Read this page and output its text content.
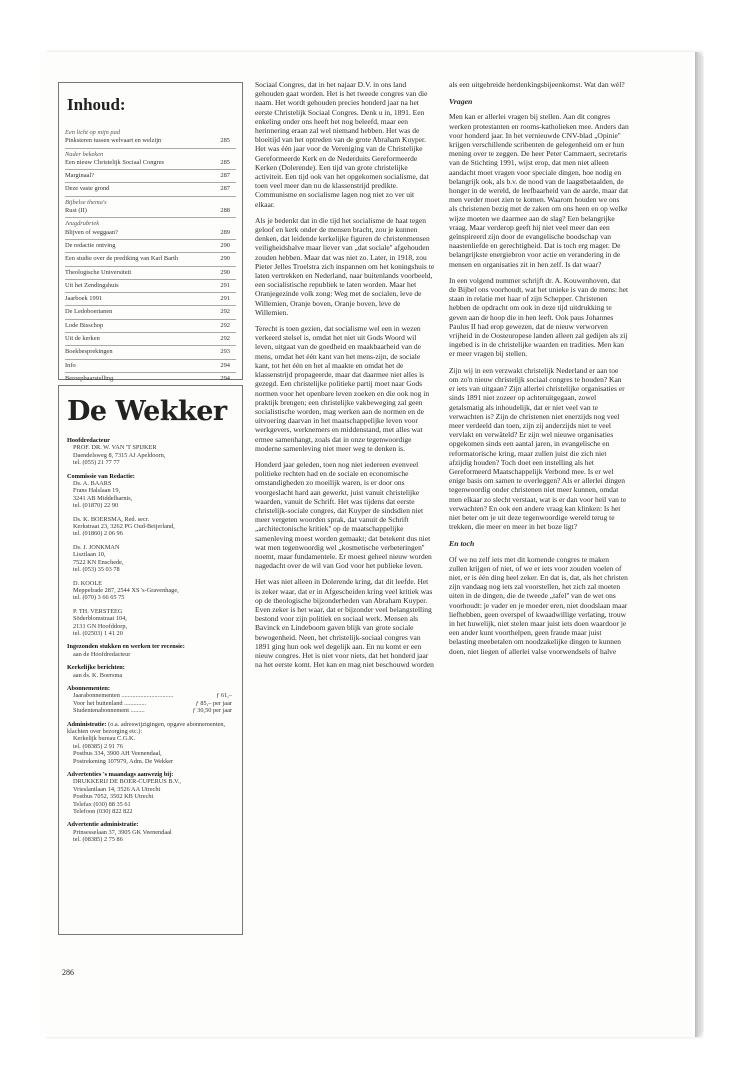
Inhoud:
Een licht op mijn pad
Pinksteren tussen welvaart en welzijn	285
Nader bekeken
Een nieuw Christelijk Sociaal Congres	285
Marginaal?	287
Deze vaste grond	287
Bijbelse thema's
Rust (II)	288
Jeugdrubriek
Blijven of weggaan?	289
De redactie ontving	290
Een studie over de prediking van Karl Barth	290
Theologische Universiteit	290
Uit het Zendingshuis	291
Jaarboek 1991	291
De Ledoboerianen	292
Lode Bisschop	292
Uit de kerken	292
Boekbesprekingen	293
Info	294
Beroepbaarstelling	294
De Wekker
Hoofdredacteur
PROF. DR. W. VAN 'T SPIJKER
Daendelsweg 8, 7315 AJ Apeldoorn,
tel. (055) 21 77 77
Commissie van Redactie:
Ds. A. BAARS
Frans Halslaan 19,
3241 AB Middelharnis,
tel. (01870) 22 90
Ds. K. BOERSMA, Red. secr.
Kerkstraat 23, 3262 PG Oud-Beijerland,
tel. (01860) 2 06 96
Ds. J. JONKMAN
Lisztlaan 10,
7522 KN Enschede,
tel. (053) 35 03 78
D. KOOLE
Meppelrade 287, 2544 XS 's-Gravenhage,
tel. (070) 3 66 65 75
P. TH. VERSTEEG
Söderblomstraat 104,
2131 GN Hoofddorp,
tel. (02503) 1 41 20
Ingezonden stukken en werken ter recensie:
aan de Hoofdredacteur
Kerkelijke berichten:
aan ds. K. Boersma
Abonnementen:
Jaarabonnementen .................................	ƒ 61,–
Voor het buitenland ..............	ƒ 85,– per jaar
Studentenabonnement .........	ƒ 30,50 per jaar
Administratie: (o.a. adreswijzigingen, opgave abonnementen, klachten over bezorging etc.):
Kerkelijk bureau C.G.K.
tel. (08385) 2 91 76
Postbus 334, 3900 AH Veenendaal,
Postrekening 107979, Adm. De Wekker
Advertenties 's maandags aanwezig bij:
DRUKKERIJ DE BOER-CUPERUS B.V.,
Vrieslantlaan 14, 3526 AA Utrecht
Postbus 7052, 3502 KB Utrecht
Telefax (030) 88 35 61
Telefoon (030) 822 822
Advertentie administratie:
Prinsesselaan 37, 3905 GK Veenendaal
tel. (08385) 2 75 86
286

Sociaal Congres, dat in het najaar D.V. in ons land gehouden gaat worden. Het is het tweede congres van die naam. Het wordt gehouden precies honderd jaar na het eerste Christelijk Sociaal Congres. Denk u in, 1891. Een enkeling onder ons heeft het nog beleefd, maar een herinnering eraan zal wel niemand hebben. Het was de bloeitijd van het optreden van de grote Abraham Kuyper. Het was één jaar voor de Vereniging van de Christelijke Gereformeerde Kerk en de Nederduits Gereformeerde Kerken (Dolerende). Een tijd van grote christelijke activiteit. Een tijd ook van het opgekomen socialisme, dat toen veel meer dan nu de klassenstrijd predikte. Communisme en socialisme lagen nog niet zo ver uit elkaar.

Als je bedenkt dat in die tijd het socialisme de haat tegen geloof en kerk onder de mensen bracht, zou je kunnen denken, dat leidende kerkelijke figuren de christenmensen veiligheidshalve maar liever van „dat sociale'' afgehouden zouden hebben. Maar dat was niet zo. Later, in 1918, zou Pieter Jelles Troelstra zich inspannen om het koningshuis te laten vertrekken en Nederland, naar buitenlands voorbeeld, een socialistische republiek te laten worden. Maar het Oranjegezinde volk zong: Weg met de socialen, leve de Willemien, Oranje boven, Oranje boven, leve de Willemien.

Terecht is toen gezien, dat socialisme wel een in wezen verkeerd stelsel is, omdat het niet uit Gods Woord wil leven, uitgaat van de goedheid en maakbaarheid van de mens, omdat het één kant van het mens-zijn, de sociale kant, tot het één en het al maakte en omdat het de klassenstrijd propageerde, maar dat daarmee niet alles is gezegd. Een christelijke politieke partij moet naar Gods normen voor het openbare leven zoeken en die ook nog in praktijk brengen; een christelijke vakbeweging zal geen socialistische worden, mag werken aan de normen en de uitvoering daarvan in het maatschappelijke leven voor werkgevers, werknemers en middenstand, met alles wat ermee samenhangt, zoals dat in onze tegenwoordige moderne samenleving niet meer weg te denken is.

Honderd jaar geleden, toen nog niet iedereen evenveel politieke rechten had en de sociale en economische omstandigheden zo moeilijk waren, is er door ons voorgeslacht hard aan gewerkt, juist vanuit christelijke waarden, vanuit de Schrift. Het was tijdens dat eerste christelijk-sociale congres, dat Kuyper de sindsdien niet meer vergeten woorden sprak, dat vanuit de Schrift „architectonische kritiek'' op de maatschappelijke samenleving moest worden gemaakt; dat betekent dus niet wat men tegenwoordig wel „kosmetische verbeteringen'' noemt, maar fundamentele. Er moest geheel nieuw worden nagedacht over de wil van God voor het publieke leven.

Het was niet alleen in Dolerende kring, dat dit leefde. Het is zeker waar, dat er in Afgescheiden kring veel kritiek was op de theologische bijzonderheden van Abraham Kuyper. Even zeker is het waar, dat er bijzonder veel belangstelling bestond voor zijn politiek en sociaal werk. Mensen als Bavinck en Lindeboom gaven blijk van grote sociale bewogenheid. Neen, het christelijk-sociaal congres van 1891 ging hun ook wel degelijk aan. En nu komt er een nieuw congres. Het is niet voor niets, dat het honderd jaar na het eerste komt. Het kan en mag niet beschouwd worden

als een uitgebreide herdenkingsbijeenkomst. Wat dan wèl?

Vragen

Men kan er allerlei vragen bij stellen. Aan dit congres werken protestanten en rooms-katholieken mee. Anders dan voor honderd jaar. In het vernieuwde CNV-blad „Opinie'' krijgen verschillende scribenten de gelegenheid om er hun mening over te zeggen. De heer Peter Cammaert, secretaris van de Stichting 1991, wijst erop, dat men niet alleen aandacht moet vragen voor speciale dingen, hoe nodig en belangrijk ook, als b.v. de nood van de laagstbetaalden, de honger in de wereld, de leefbaarheid van de aarde, maar dat men verder moet zien te komen. Waarom houden we ons als christenen bezig met de zaken om ons heen en op welke wijze moeten we daarmee aan de slag? Een belangrijke vraag. Maar verderop geeft hij niet veel meer dan een geïnspireerd zijn door de evangelische boodschap van naastenliefde en gerechtigheid. Dat is toch erg mager. De belangrijkste energiebron voor actie en verandering in de mensen en organisaties zit in hen zelf. Is dat waar?

In een volgend nummer schrijft dr. A. Kouwenhoven, dat de Bijbel ons voorhoudt, wat het unieke is van de mens: het staan in relatie met haar of zijn Schepper. Christenen hebben de opdracht om ook in deze tijd uitdrukking te geven aan de hoop die in hen leeft. Ook paus Johannes Paulus II had erop gewezen, dat de nieuw verworven vrijheid in de Oosteuropese landen alleen zal gedijen als zij ingebed is in de christelijke waarden en tradities. Men kan er meer vragen bij stellen.

Zijn wij in een verzwakt christelijk Nederland er aan toe om zo'n nieuw christelijk sociaal congres te houden? Kan er iets van uitgaan? Zijn allerlei christelijke organisaties er sinds 1891 niet zozeer op achteruitgegaan, zowel getalsmatig als inhoudelijk, dat er niet veel van te verwachten is? Zijn de christenen niet enerzijds nog veel meer verdeeld dan toen, zijn zij anderzijds niet te veel vervlakt en verwäteld? Er zijn wel nieuwe organisaties opgekomen sinds een aantal jaren, in evangelische en reformatorische kring, maar zullen juist die zich niet afzijdig houden? Toch doet een instelling als het Gereformeerd Maatschappelijk Verbond mee. Is er wel enige basis om samen te overleggen? Als er allerlei dingen tegenwoordig onder christenen niet meer kunnen, omdat men elkaar zo slecht verstaat, wat is er dan voor heil van te verwachten? En ook een andere vraag kan klinken: Is het niet beter om je uit deze tegenwoordige wereld terug te trekken, die meer en meer in het boze ligt?

En toch

Of we nu zelf iets met dit komende congres te maken zullen krijgen of niet, of we er iets voor zouden voelen of niet, er is één ding heel zeker. En dat is, dat, als het christen zijn vandaag nog iets zal voorstellen, het zich zal moeten uiten in de dingen, die de tweede „tafel'' van de wet ons voorhoudt: je vader en je moeder eren, niet doodslaan maar liefhebben, geen overspel of kwaadwillige verlating, trouw in het huwelijk, niet stelen maar juist iets doen waardoor je een ander kunt voorthelpen, geen fraude maar juist belasting meebetalen om noodzakelijke dingen te kunnen doen, niet liegen of allerlei valse voorwendsels of halve
